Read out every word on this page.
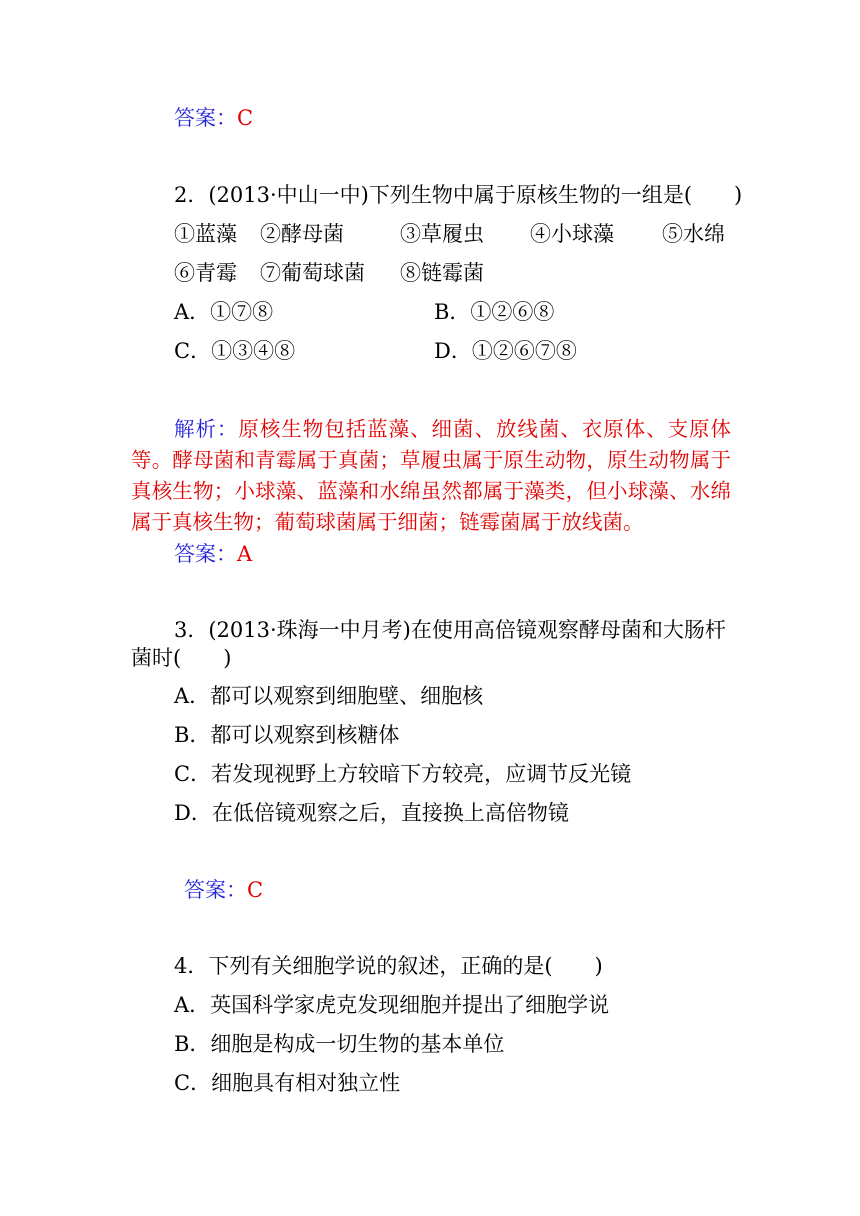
答案：C
2．(2013·中山一中)下列生物中属于原核生物的一组是(　　)
①蓝藻 ②酵母菌	③草履虫 ④小球藻 ⑤水绵
⑥青霉 ⑦葡萄球菌 ⑧链霉菌
A．①⑦⑧	B．①②⑥⑧
C．①③④⑧	D．①②⑥⑦⑧
解析：原核生物包括蓝藻、细菌、放线菌、衣原体、支原体等。酵母菌和青霉属于真菌；草履虫属于原生动物，原生动物属于真核生物；小球藻、蓝藻和水绵虽然都属于藻类，但小球藻、水绵属于真核生物；葡萄球菌属于细菌；链霉菌属于放线菌。
答案：A
3．(2013·珠海一中月考)在使用高倍镜观察酵母菌和大肠杆
菌时(　　)
A．都可以观察到细胞壁、细胞核
B．都可以观察到核糖体
C．若发现视野上方较暗下方较亮，应调节反光镜
D．在低倍镜观察之后，直接换上高倍物镜
答案：C
4．下列有关细胞学说的叙述，正确的是(　　)
A．英国科学家虎克发现细胞并提出了细胞学说
B．细胞是构成一切生物的基本单位
C．细胞具有相对独立性
